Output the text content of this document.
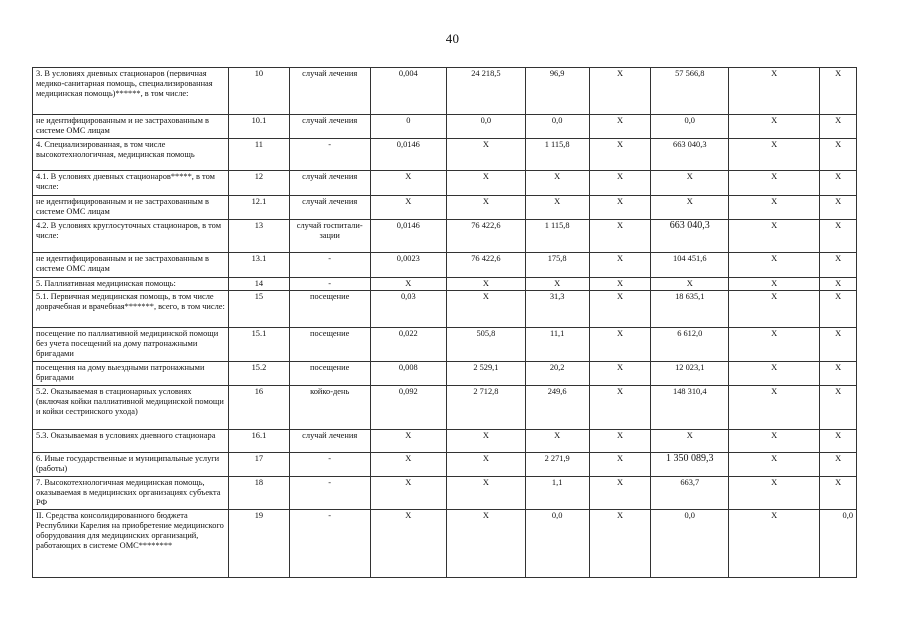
40
3. В условиях дневных стационаров (первичная медико-санитарная помощь, специализированная медицинская помощь)******, в том числе:	10	случай лечения	0,004	24 218,5	96,9	Х	57 566,8	Х	Х
не идентифицированным и не застрахованным в системе ОМС лицам	10.1	случай лечения	0	0,0	0,0	Х	0,0	Х	Х
4. Специализированная, в том числе высокотехнологичная, медицинская помощь	11	-	0,0146	Х	1 115,8	Х	663 040,3	Х	Х
4.1. В условиях дневных стационаров*****, в том числе:	12	случай лечения	Х	Х	Х	Х	Х	Х	Х
не идентифицированным и не застрахованным в системе ОМС лицам	12.1	случай лечения	Х	Х	Х	Х	Х	Х	Х
4.2. В условиях круглосуточных стационаров, в том числе:	13	случай госпитали-зации	0,0146	76 422,6	1 115,8	Х	663 040,3	Х	Х
не идентифицированным и не застрахованным в системе ОМС лицам	13.1	-	0,0023	76 422,6	175,8	Х	104 451,6	Х	Х
5. Паллиативная медицинская помощь:	14	-	Х	Х	Х	Х	Х	Х	Х
5.1. Первичная медицинская помощь, в том числе доврачебная и врачебная*******, всего, в том числе:	15	посещение	0,03	Х	31,3	Х	18 635,1	Х	Х
посещение по паллиативной медицинской помощи без учета посещений на дому патронажными бригадами	15.1	посещение	0,022	505,8	11,1	Х	6 612,0	Х	Х
посещения на дому выездными патронажными бригадами	15.2	посещение	0,008	2 529,1	20,2	Х	12 023,1	Х	Х
5.2. Оказываемая в стационарных условиях (включая койки паллиативной медицинской помощи и койки сестринского ухода)	16	койко-день	0,092	2 712,8	249,6	Х	148 310,4	Х	Х
5.3. Оказываемая в условиях дневного стационара	16.1	случай лечения	Х	Х	Х	Х	Х	Х	Х
6. Иные государственные и муниципальные услуги (работы)	17	-	Х	Х	2 271,9	Х	1 350 089,3	Х	Х
7. Высокотехнологичная медицинская помощь, оказываемая в медицинских организациях субъекта РФ	18	-	Х	Х	1,1	Х	663,7	Х	Х
II. Средства консолидированного бюджета Республики Карелия на приобретение медицинского оборудования для медицинских организаций, работающих в системе ОМС********	19	-	Х	Х	0,0	Х	0,0	Х	0,0
